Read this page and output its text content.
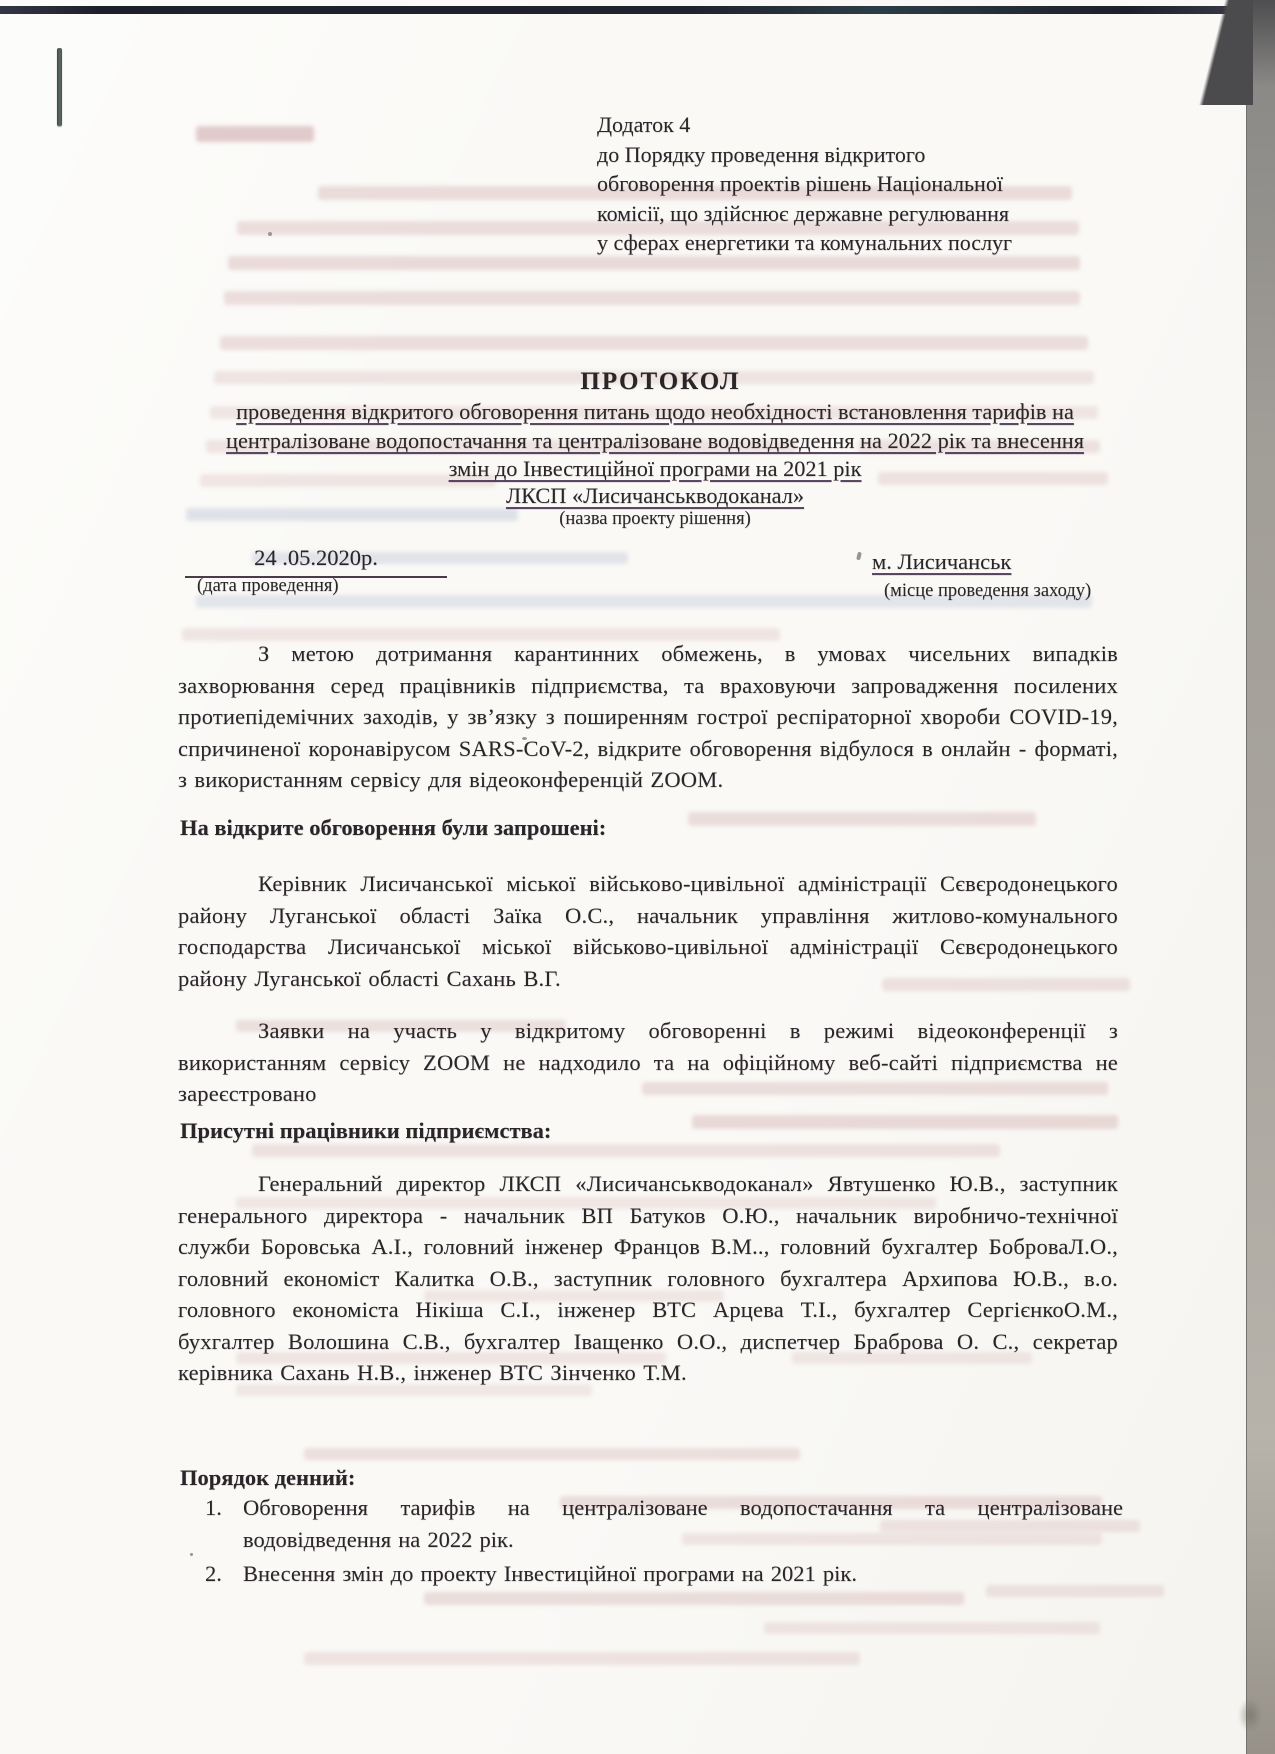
Додаток 4
до Порядку проведення відкритого
обговорення проектів рішень Національної
комісії, що здійснює державне регулювання
у сферах енергетики та комунальних послуг
ПРОТОКОЛ
проведення відкритого обговорення питань щодо необхідності встановлення тарифів на
централізоване водопостачання та централізоване водовідведення на 2022 рік та внесення
змін до Інвестиційної програми на 2021 рік
ЛКСП «Лисичанськводоканал»
(назва проекту рішення)
24 .05.2020р.
(дата проведення)
м. Лисичанськ
(місце проведення заходу)
З метою дотримання карантинних обмежень, в умовах чисельних випадків захворювання серед працівників підприємства, та враховуючи запровадження посилених протиепідемічних заходів, у зв’язку з поширенням гострої респіраторної хвороби COVID-19, спричиненої коронавірусом SARS-CoV-2, відкрите обговорення відбулося в онлайн - форматі, з використанням сервісу для відеоконференцій ZOOM.
На відкрите обговорення були запрошені:
Керівник Лисичанської міської військово-цивільної адміністрації Сєвєродонецького району Луганської області Заїка О.С., начальник управління житлово-комунального господарства Лисичанської міської військово-цивільної адміністрації Сєвєродонецького району Луганської області Сахань В.Г.
Заявки на участь у відкритому обговоренні в режимі відеоконференції з використанням сервісу ZOOM не надходило та на офіційному веб-сайті підприємства не зареєстровано
Присутні працівники підприємства:
Генеральний директор ЛКСП «Лисичанськводоканал» Явтушенко Ю.В., заступник генерального директора - начальник ВП Батуков О.Ю., начальник виробничо-технічної служби Боровська А.І., головний інженер Францов В.М.., головний бухгалтер БоброваЛ.О., головний економіст Калитка О.В., заступник головного бухгалтера Архипова Ю.В., в.о. головного економіста Нікіша С.І., інженер ВТС Арцева Т.І., бухгалтер СергієнкоО.М., бухгалтер Волошина С.В., бухгалтер Іващенко О.О., диспетчер Браброва О. С., секретар керівника Сахань Н.В., інженер ВТС Зінченко Т.М.
Порядок денний:
1. Обговорення тарифів на централізоване водопостачання та централізоване водовідведення на 2022 рік.
2. Внесення змін до проекту Інвестиційної програми на 2021 рік.
